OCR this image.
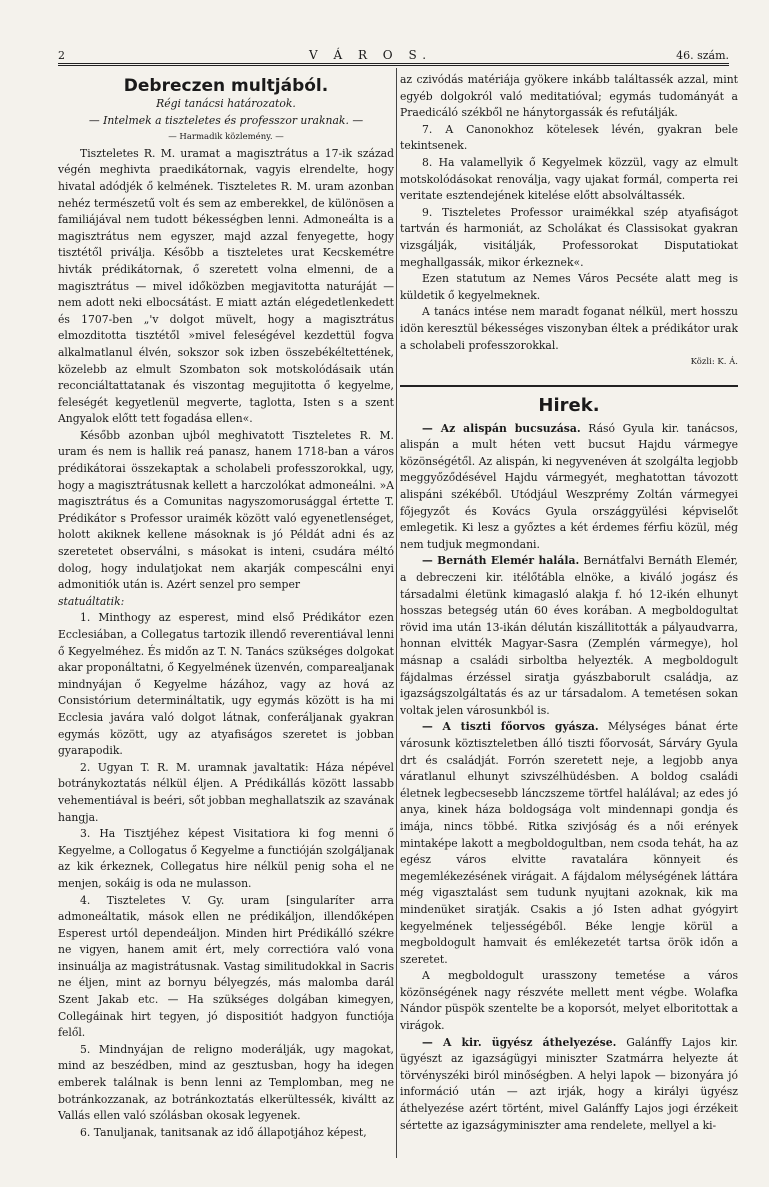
2	V Á R O S.	46. szám.

Debreczen multjából.

Régi tanácsi határozatok.

— Intelmek a tiszteletes és professzor uraknak. —

— Harmadik közlemény. —

Tiszteletes R. M. uramat a magisztrátus a 17-ik század végén meghivta praedikátornak, vagyis elrendelte, hogy hivatal adódjék ő kelmének. Tiszteletes R. M. uram azonban nehéz természetű volt és sem az emberekkel, de különösen a familiájával nem tudott békességben lenni. Admoneálta is a magisztrátus nem egyszer, majd azzal fenyegette, hogy tisztétől priválja. Később a tiszteletes urat Kecskemétre hivták prédikátornak, ő szeretett volna elmenni, de a magisztrátus — mivel időközben megjavitotta naturáját — nem adott neki elbocsátást. E miatt aztán elégedetlenkedett és 1707-ben „'v dolgot müvelt, hogy a magisztrátus elmozditotta tisztétől »mivel feleségével kezdettül fogva alkalmatlanul élvén, sokszor sok izben összebékéltettének, közelebb az elmult Szombaton sok motskolódásaik után reconciáltattatanak és viszontag megujitotta ő kegyelme, feleségét kegyetlenül megverte, taglotta, Isten s a szent Angyalok előtt tett fogadása ellen«.

Később azonban ujból meghivatott Tiszteletes R. M. uram és nem is hallik reá panasz, hanem 1718-ban a város prédikátorai összekaptak a scholabeli professzorokkal, ugy, hogy a magisztrátusnak kellett a harczolókat admoneálni. »A magisztrátus és a Comunitas nagyszomorusággal értette T. Prédikátor s Professor uraimék között való egyenetlenséget, holott akiknek kellene másoknak is jó Példát adni és az szeretetet observálni, s másokat is inteni, csudára méltó dolog, hogy indulatjokat nem akarják compescálni enyi admonitiók után is. Azért senzel pro semper

statuáltatik:

1. Minthogy az esperest, mind első Prédikátor ezen Ecclesiában, a Collegatus tartozik illendő reverentiával lenni ő Kegyelméhez. És midőn az T. N. Tanács szükséges dolgokat akar proponáltatni, ő Kegyelmének üzenvén, comparealjanak mindnyájan ő Kegyelme házához, vagy az hová az Consistórium determináltatik, ugy egymás között is ha mi Ecclesia javára való dolgot látnak, conferáljanak gyakran egymás között, ugy az atyafiságos szeretet is jobban gyarapodik.

2. Ugyan T. R. M. uramnak javaltatik: Háza népével botránykoztatás nélkül éljen. A Prédikállás között lassabb vehementiával is beéri, sőt jobban meghallatszik az szavának hangja.

3. Ha Tisztjéhez képest Visitatiora ki fog menni ő Kegyelme, a Collogatus ő Kegyelme a functióján szolgáljanak az kik érkeznek, Collegatus hire nélkül penig soha el ne menjen, sokáig is oda ne mulasson.

4. Tiszteletes V. Gy. uram [singularíter arra admoneáltatik, mások ellen ne prédikáljon, illendőképen Esperest urtól dependeáljon. Minden hirt Prédikálló székre ne vigyen, hanem amit ért, mely correctióra való vona insinuálja az magistrátusnak. Vastag similitudokkal in Sacris ne éljen, mint az bornyu bélyegzés, más malomba darál Szent Jakab etc. — Ha szükséges dolgában kimegyen, Collegáinak hirt tegyen, jó dispositiót hadgyon functiója felől.

5. Mindnyájan de religno moderálják, ugy magokat, mind az beszédben, mind az gesztusban, hogy ha idegen emberek találnak is benn lenni az Templomban, meg ne botránkozzanak, az botránkoztatás elkerültessék, kiváltt az Vallás ellen való szólásban okosak legyenek.

6. Tanuljanak, tanitsanak az idő állapotjához képest,

az czivódás matériája gyökere inkább találtassék azzal, mint egyéb dolgokról való meditatióval; egymás tudományát a Praedicáló székből ne hánytorgassák és refutálják.

7. A Canonokhoz kötelesek lévén, gyakran bele tekintsenek.

8. Ha valamellyik ő Kegyelmek közzül, vagy az elmult motskolódásokat renoválja, vagy ujakat formál, comperta rei veritate esztendejének kitelése előtt absolváltassék.

9. Tiszteletes Professor uraimékkal szép atyafiságot tartván és harmoniát, az Scholákat és Classisokat gyakran vizsgálják, visitálják, Professorokat Disputatiokat meghallgassák, mikor érkeznek«.

Ezen statutum az Nemes Város Pecséte alatt meg is küldetik ő kegyelmeknek.

A tanács intése nem maradt foganat nélkül, mert hosszu idön keresztül békességes viszonyban éltek a prédikátor urak a scholabeli professzorokkal.

Közli: K. Á.

Hirek.

— Az alispán bucsuzása. Rásó Gyula kir. tanácsos, alispán a mult héten vett bucsut Hajdu vármegye közönségétől. Az alispán, ki negyvenéven át szolgálta legjobb meggyőződésével Hajdu vármegyét, meghatottan távozott alispáni székéből. Utódjául Weszprémy Zoltán vármegyei főjegyzőt és Kovács Gyula országgyülési képviselőt emlegetik. Ki lesz a győztes a két érdemes férfiu közül, még nem tudjuk megmondani.

— Bernáth Elemér halála. Bernátfalvi Bernáth Elemér, a debreczeni kir. itélőtábla elnöke, a kiváló jogász és társadalmi életünk kimagasló alakja f. hó 12-ikén elhunyt hosszas betegség után 60 éves korában. A megboldogultat rövid ima után 13-ikán délután kiszállitották a pályaudvarra, honnan elvitték Magyar-Sasra (Zemplén vármegye), hol másnap a családi sirboltba helyezték. A megboldogult fájdalmas érzéssel siratja gyászbaborult családja, az igazságszolgáltatás és az ur társadalom. A temetésen sokan voltak jelen városunkból is.

— A tiszti főorvos gyásza. Mélységes bánat érte városunk köztiszteletben álló tiszti főorvosát, Sárváry Gyula drt és családját. Forrón szeretett neje, a legjobb anya váratlanul elhunyt szivszélhüdésben. A boldog családi életnek legbecsesebb lánczszeme törtfel halálával; az edes jó anya, kinek háza boldogsága volt mindennapi gondja és imája, nincs többé. Ritka szivjóság és a női erények mintaképe lakott a megboldogultban, nem csoda tehát, ha az egész város elvitte ravatalára könnyeit és megemlékezésének virágait. A fájdalom mélységének láttára még vigasztalást sem tudunk nyujtani azoknak, kik ma mindenüket siratják. Csakis a jó Isten adhat gyógyirt kegyelmének teljességéből. Béke lengje körül a megboldogult hamvait és emlékezetét tartsa örök időn a szeretet.

A megboldogult urasszony temetése a város közönségének nagy részvéte mellett ment végbe. Wolafka Nándor püspök szentelte be a koporsót, melyet elboritottak a virágok.

— A kir. ügyész áthelyezése. Galánffy Lajos kir. ügyészt az igazságügyi miniszter Szatmárra helyezte át törvényszéki biról minőségben. A helyi lapok — bizonyára jó információ után — azt irják, hogy a királyi ügyész áthelyezése azért történt, mivel Galánffy Lajos jogi érzékeit sértette az igazságyminiszter ama rendelete, mellyel a ki-
